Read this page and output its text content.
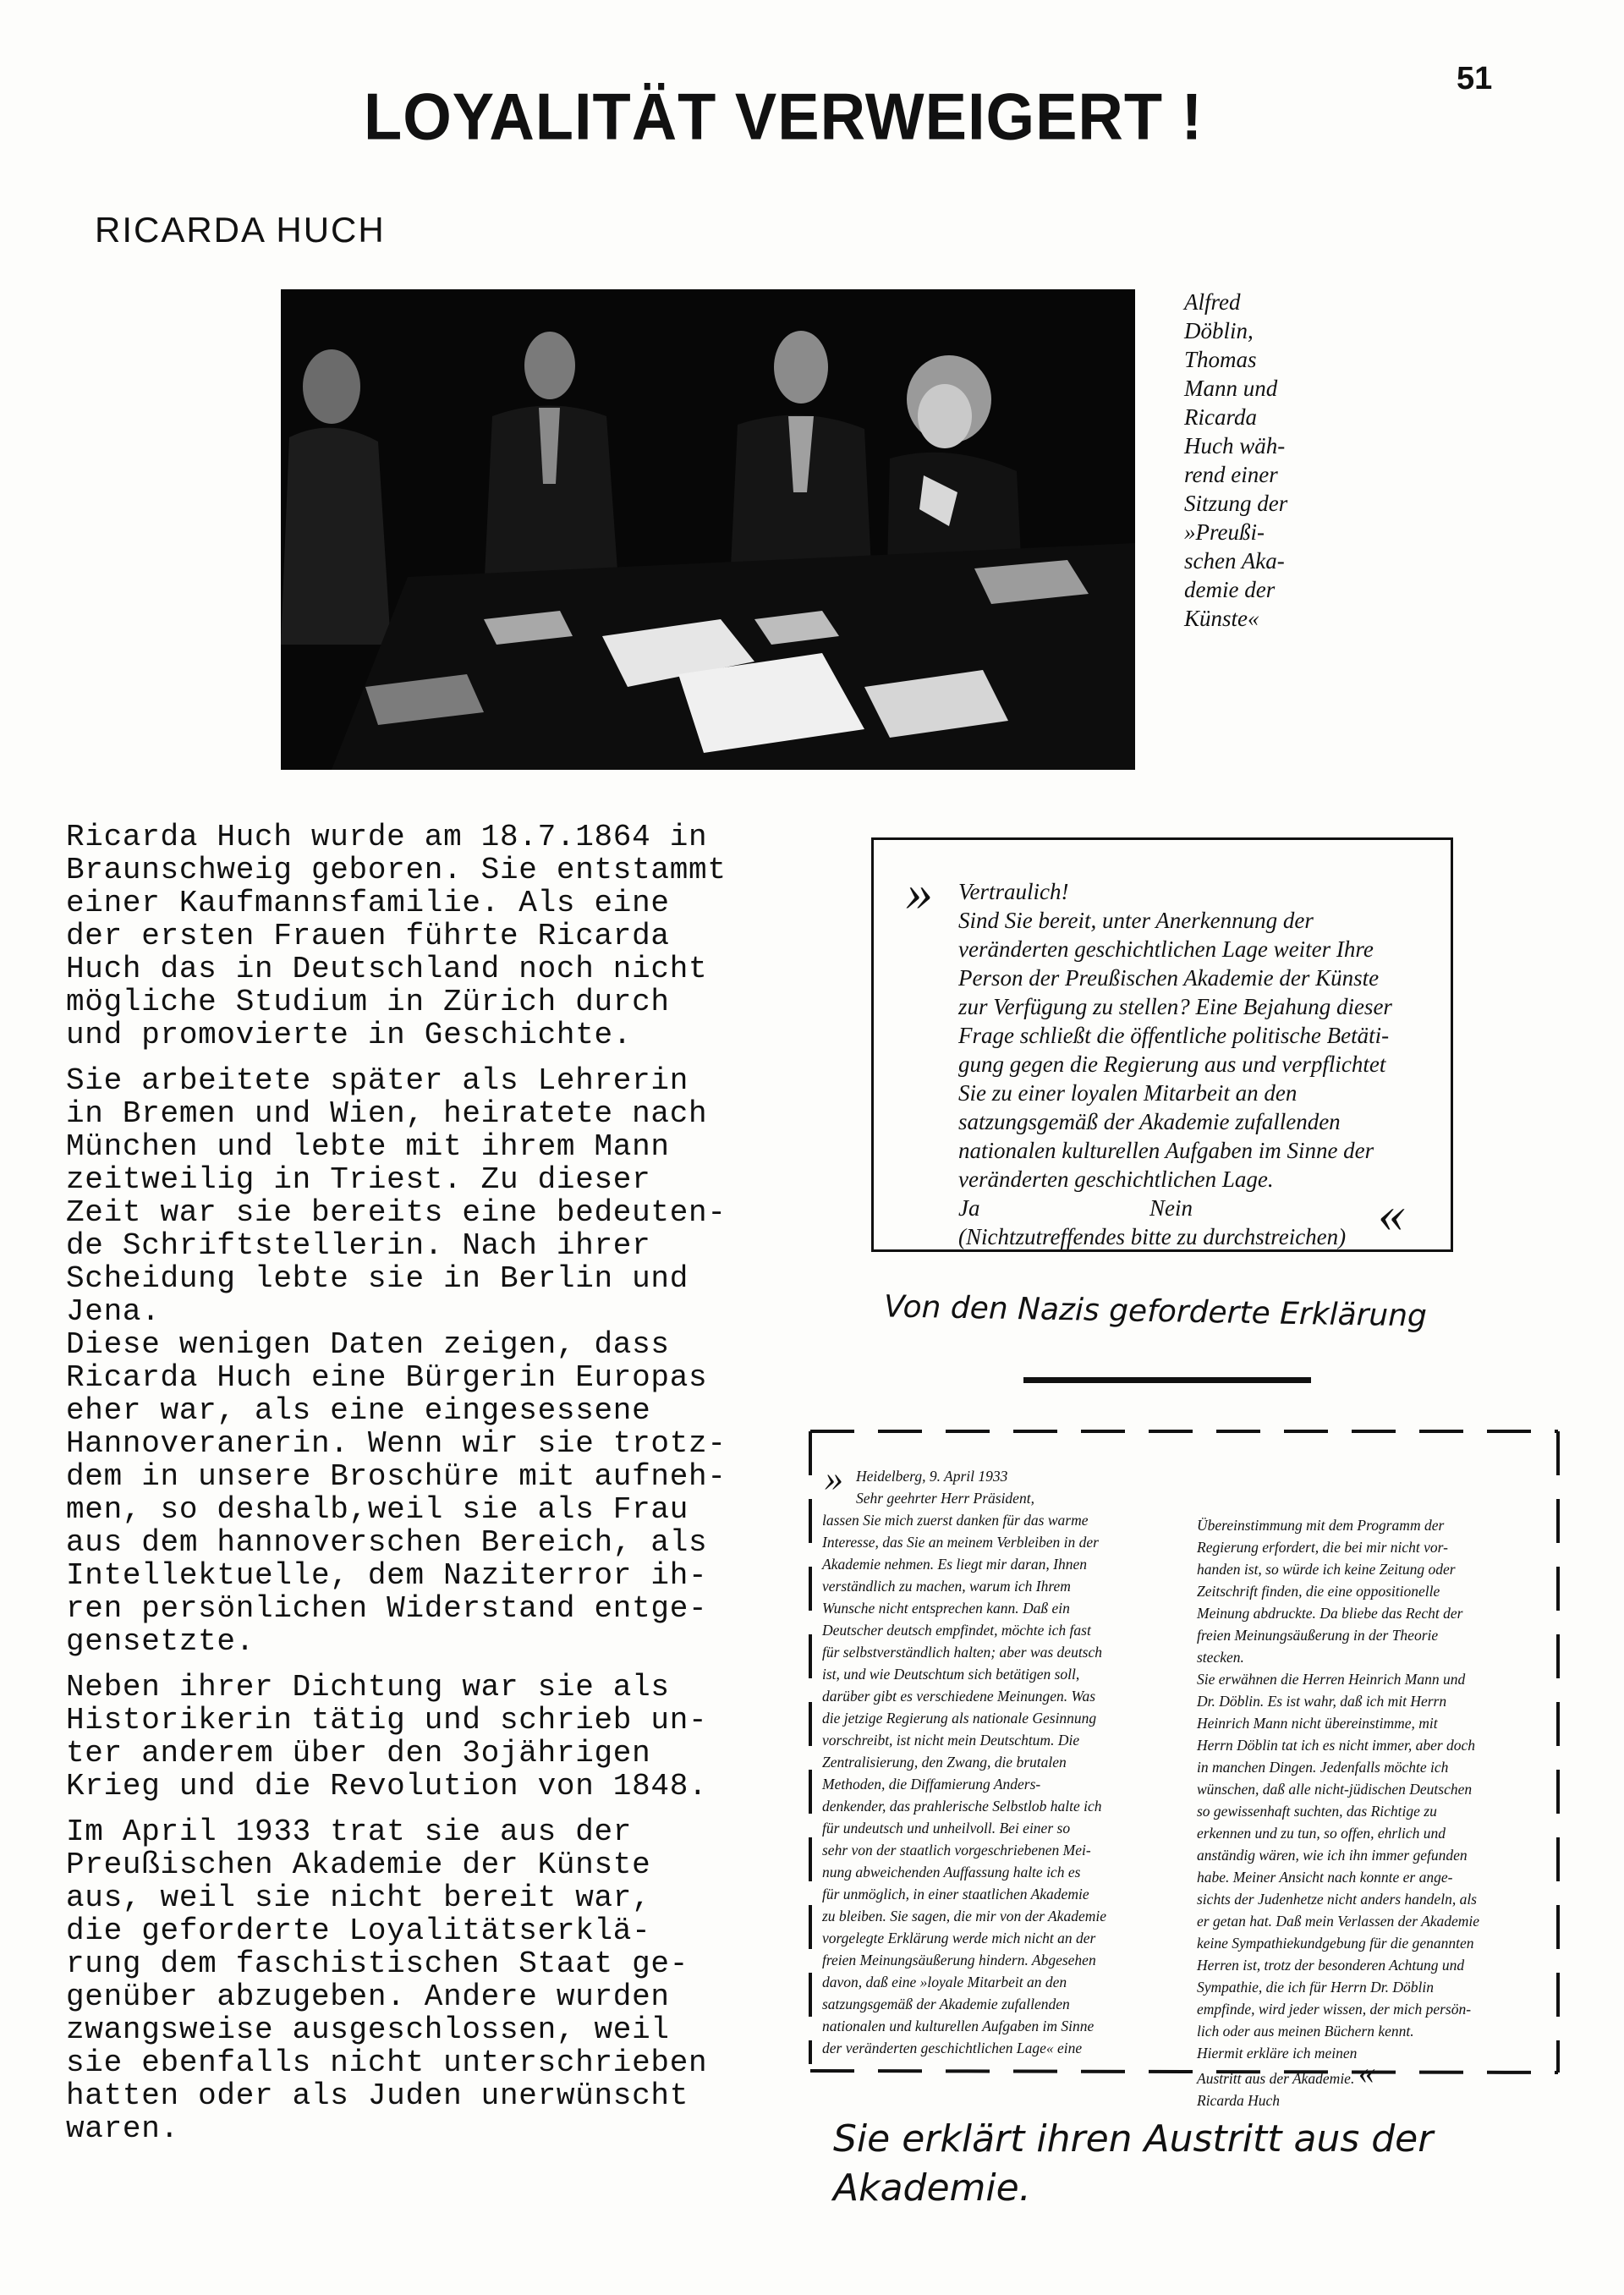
51
LOYALITÄT VERWEIGERT !
RICARDA HUCH
Alfred
Döblin,
Thomas
Mann und
Ricarda
Huch wäh-
rend einer
Sitzung der
»Preußi-
schen Aka-
demie der
Künste«
Ricarda Huch wurde am 18.7.1864 in
Braunschweig geboren. Sie entstammt
einer Kaufmannsfamilie. Als eine
der ersten Frauen führte Ricarda
Huch das in Deutschland noch nicht
mögliche Studium in Zürich durch
und promovierte in Geschichte.
Sie arbeitete später als Lehrerin
in Bremen und Wien, heiratete nach
München und lebte mit ihrem Mann
zeitweilig in Triest. Zu dieser
Zeit war sie bereits eine bedeuten-
de Schriftstellerin. Nach ihrer
Scheidung lebte sie in Berlin und
Jena.
Diese wenigen Daten zeigen, dass
Ricarda Huch eine Bürgerin Europas
eher war, als eine eingesessene
Hannoveranerin. Wenn wir sie trotz-
dem in unsere Broschüre mit aufneh-
men, so deshalb,weil sie als Frau
aus dem hannoverschen Bereich, als
Intellektuelle, dem Naziterror ih-
ren persönlichen Widerstand entge-
gensetzte.
Neben ihrer Dichtung war sie als
Historikerin tätig und schrieb un-
ter anderem über den 3ojährigen
Krieg und die Revolution von 1848.
Im April 1933 trat sie aus der
Preußischen Akademie der Künste
aus, weil sie nicht bereit war,
die geforderte Loyalitätserklä-
rung dem faschistischen Staat ge-
genüber abzugeben. Andere wurden
zwangsweise ausgeschlossen, weil
sie ebenfalls nicht unterschrieben
hatten oder als Juden unerwünscht
waren.
» Vertraulich!
Sind Sie bereit, unter Anerkennung der
veränderten geschichtlichen Lage weiter Ihre
Person der Preußischen Akademie der Künste
zur Verfügung zu stellen? Eine Bejahung dieser
Frage schließt die öffentliche politische Betäti-
gung gegen die Regierung aus und verpflichtet
Sie zu einer loyalen Mitarbeit an den
satzungsgemäß der Akademie zufallenden
nationalen kulturellen Aufgaben im Sinne der
veränderten geschichtlichen Lage.
Ja	Nein
(Nichtzutreffendes bitte zu durchstreichen) «
Von den Nazis geforderte Erklärung
» Heidelberg, 9. April 1933
Sehr geehrter Herr Präsident,
lassen Sie mich zuerst danken für das warme
Interesse, das Sie an meinem Verbleiben in der
Akademie nehmen. Es liegt mir daran, Ihnen
verständlich zu machen, warum ich Ihrem
Wunsche nicht entsprechen kann. Daß ein
Deutscher deutsch empfindet, möchte ich fast
für selbstverständlich halten; aber was deutsch
ist, und wie Deutschtum sich betätigen soll,
darüber gibt es verschiedene Meinungen. Was
die jetzige Regierung als nationale Gesinnung
vorschreibt, ist nicht mein Deutschtum. Die
Zentralisierung, den Zwang, die brutalen
Methoden, die Diffamierung Anders-
denkender, das prahlerische Selbstlob halte ich
für undeutsch und unheilvoll. Bei einer so
sehr von der staatlich vorgeschriebenen Mei-
nung abweichenden Auffassung halte ich es
für unmöglich, in einer staatlichen Akademie
zu bleiben. Sie sagen, die mir von der Akademie
vorgelegte Erklärung werde mich nicht an der
freien Meinungsäußerung hindern. Abgesehen
davon, daß eine »loyale Mitarbeit an den
satzungsgemäß der Akademie zufallenden
nationalen und kulturellen Aufgaben im Sinne
der veränderten geschichtlichen Lage« eine
Übereinstimmung mit dem Programm der
Regierung erfordert, die bei mir nicht vor-
handen ist, so würde ich keine Zeitung oder
Zeitschrift finden, die eine oppositionelle
Meinung abdruckte. Da bliebe das Recht der
freien Meinungsäußerung in der Theorie
stecken.
Sie erwähnen die Herren Heinrich Mann und
Dr. Döblin. Es ist wahr, daß ich mit Herrn
Heinrich Mann nicht übereinstimme, mit
Herrn Döblin tat ich es nicht immer, aber doch
in manchen Dingen. Jedenfalls möchte ich
wünschen, daß alle nicht-jüdischen Deutschen
so gewissenhaft suchten, das Richtige zu
erkennen und zu tun, so offen, ehrlich und
anständig wären, wie ich ihn immer gefunden
habe. Meiner Ansicht nach konnte er ange-
sichts der Judenhetze nicht anders handeln, als
er getan hat. Daß mein Verlassen der Akademie
keine Sympathiekundgebung für die genannten
Herren ist, trotz der besonderen Achtung und
Sympathie, die ich für Herrn Dr. Döblin
empfinde, wird jeder wissen, der mich persön-
lich oder aus meinen Büchern kennt.
Hiermit erkläre ich meinen
Austritt aus der Akademie. «
Ricarda Huch
Sie erklärt ihren Austritt aus der
Akademie.
